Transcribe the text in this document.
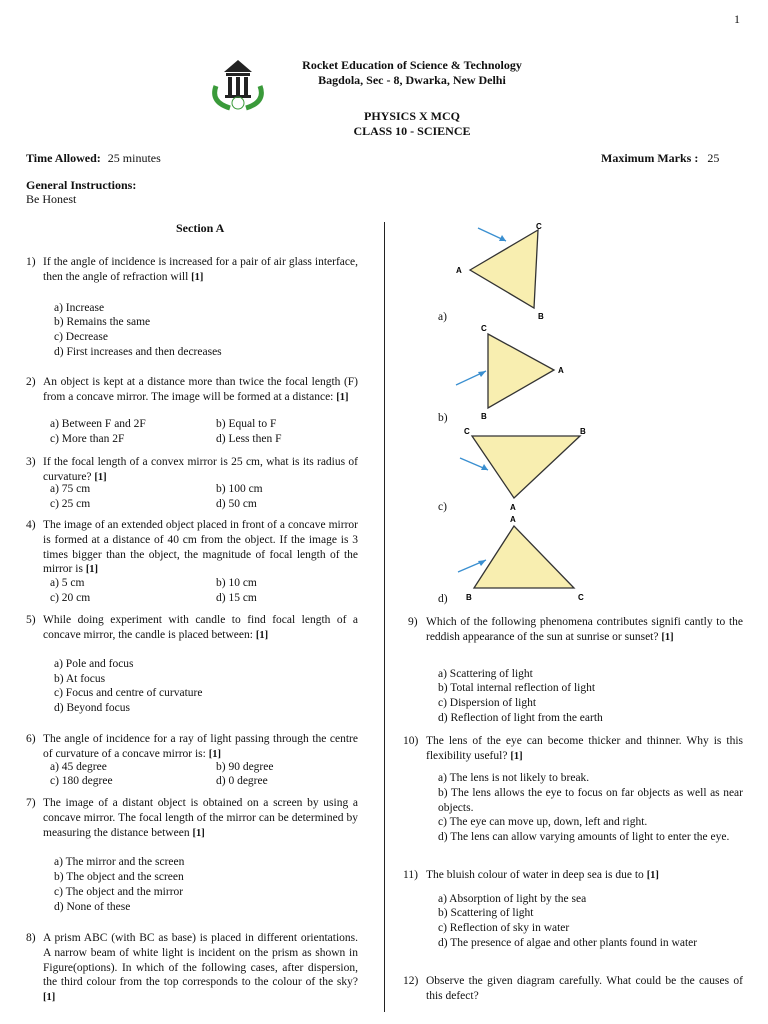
1
Rocket Education of Science & Technology
Bagdola, Sec - 8, Dwarka, New Delhi
PHYSICS X MCQ
CLASS 10 - SCIENCE
Time Allowed: 25 minutes	Maximum Marks : 25
General Instructions:
Be Honest
Section A
1) If the angle of incidence is increased for a pair of air glass interface, then the angle of refraction will [1]
a) Increase
b) Remains the same
c) Decrease
d) First increases and then decreases
2) An object is kept at a distance more than twice the focal length (F) from a concave mirror. The image will be formed at a distance: [1]
a) Between F and 2F	b) Equal to F
c) More than 2F	d) Less then F
3) If the focal length of a convex mirror is 25 cm, what is its radius of curvature? [1]
a) 75 cm	b) 100 cm
c) 25 cm	d) 50 cm
4) The image of an extended object placed in front of a concave mirror is formed at a distance of 40 cm from the object. If the image is 3 times bigger than the object, the magnitude of focal length of the mirror is [1]
a) 5 cm	b) 10 cm
c) 20 cm	d) 15 cm
5) While doing experiment with candle to find focal length of a concave mirror, the candle is placed between: [1]
a) Pole and focus
b) At focus
c) Focus and centre of curvature
d) Beyond focus
6) The angle of incidence for a ray of light passing through the centre of curvature of a concave mirror is: [1]
a) 45 degree	b) 90 degree
c) 180 degree	d) 0 degree
7) The image of a distant object is obtained on a screen by using a concave mirror. The focal length of the mirror can be determined by measuring the distance between [1]
a) The mirror and the screen
b) The object and the screen
c) The object and the mirror
d) None of these
8) A prism ABC (with BC as base) is placed in different orientations. A narrow beam of white light is incident on the prism as shown in Figure(options). In which of the following cases, after dispersion, the third colour from the top corresponds to the colour of the sky? [1]
a)
A
C
B
b)
C
A
B
c)
C	B
A
d)
A
B	C
9) Which of the following phenomena contributes signifi cantly to the reddish appearance of the sun at sunrise or sunset? [1]
a) Scattering of light
b) Total internal reflection of light
c) Dispersion of light
d) Reflection of light from the earth
10) The lens of the eye can become thicker and thinner. Why is this flexibility useful? [1]
a) The lens is not likely to break.
b) The lens allows the eye to focus on far objects as well as near objects.
c) The eye can move up, down, left and right.
d) The lens can allow varying amounts of light to enter the eye.
11) The bluish colour of water in deep sea is due to [1]
a) Absorption of light by the sea
b) Scattering of light
c) Reflection of sky in water
d) The presence of algae and other plants found in water
12) Observe the given diagram carefully. What could be the causes of this defect?
